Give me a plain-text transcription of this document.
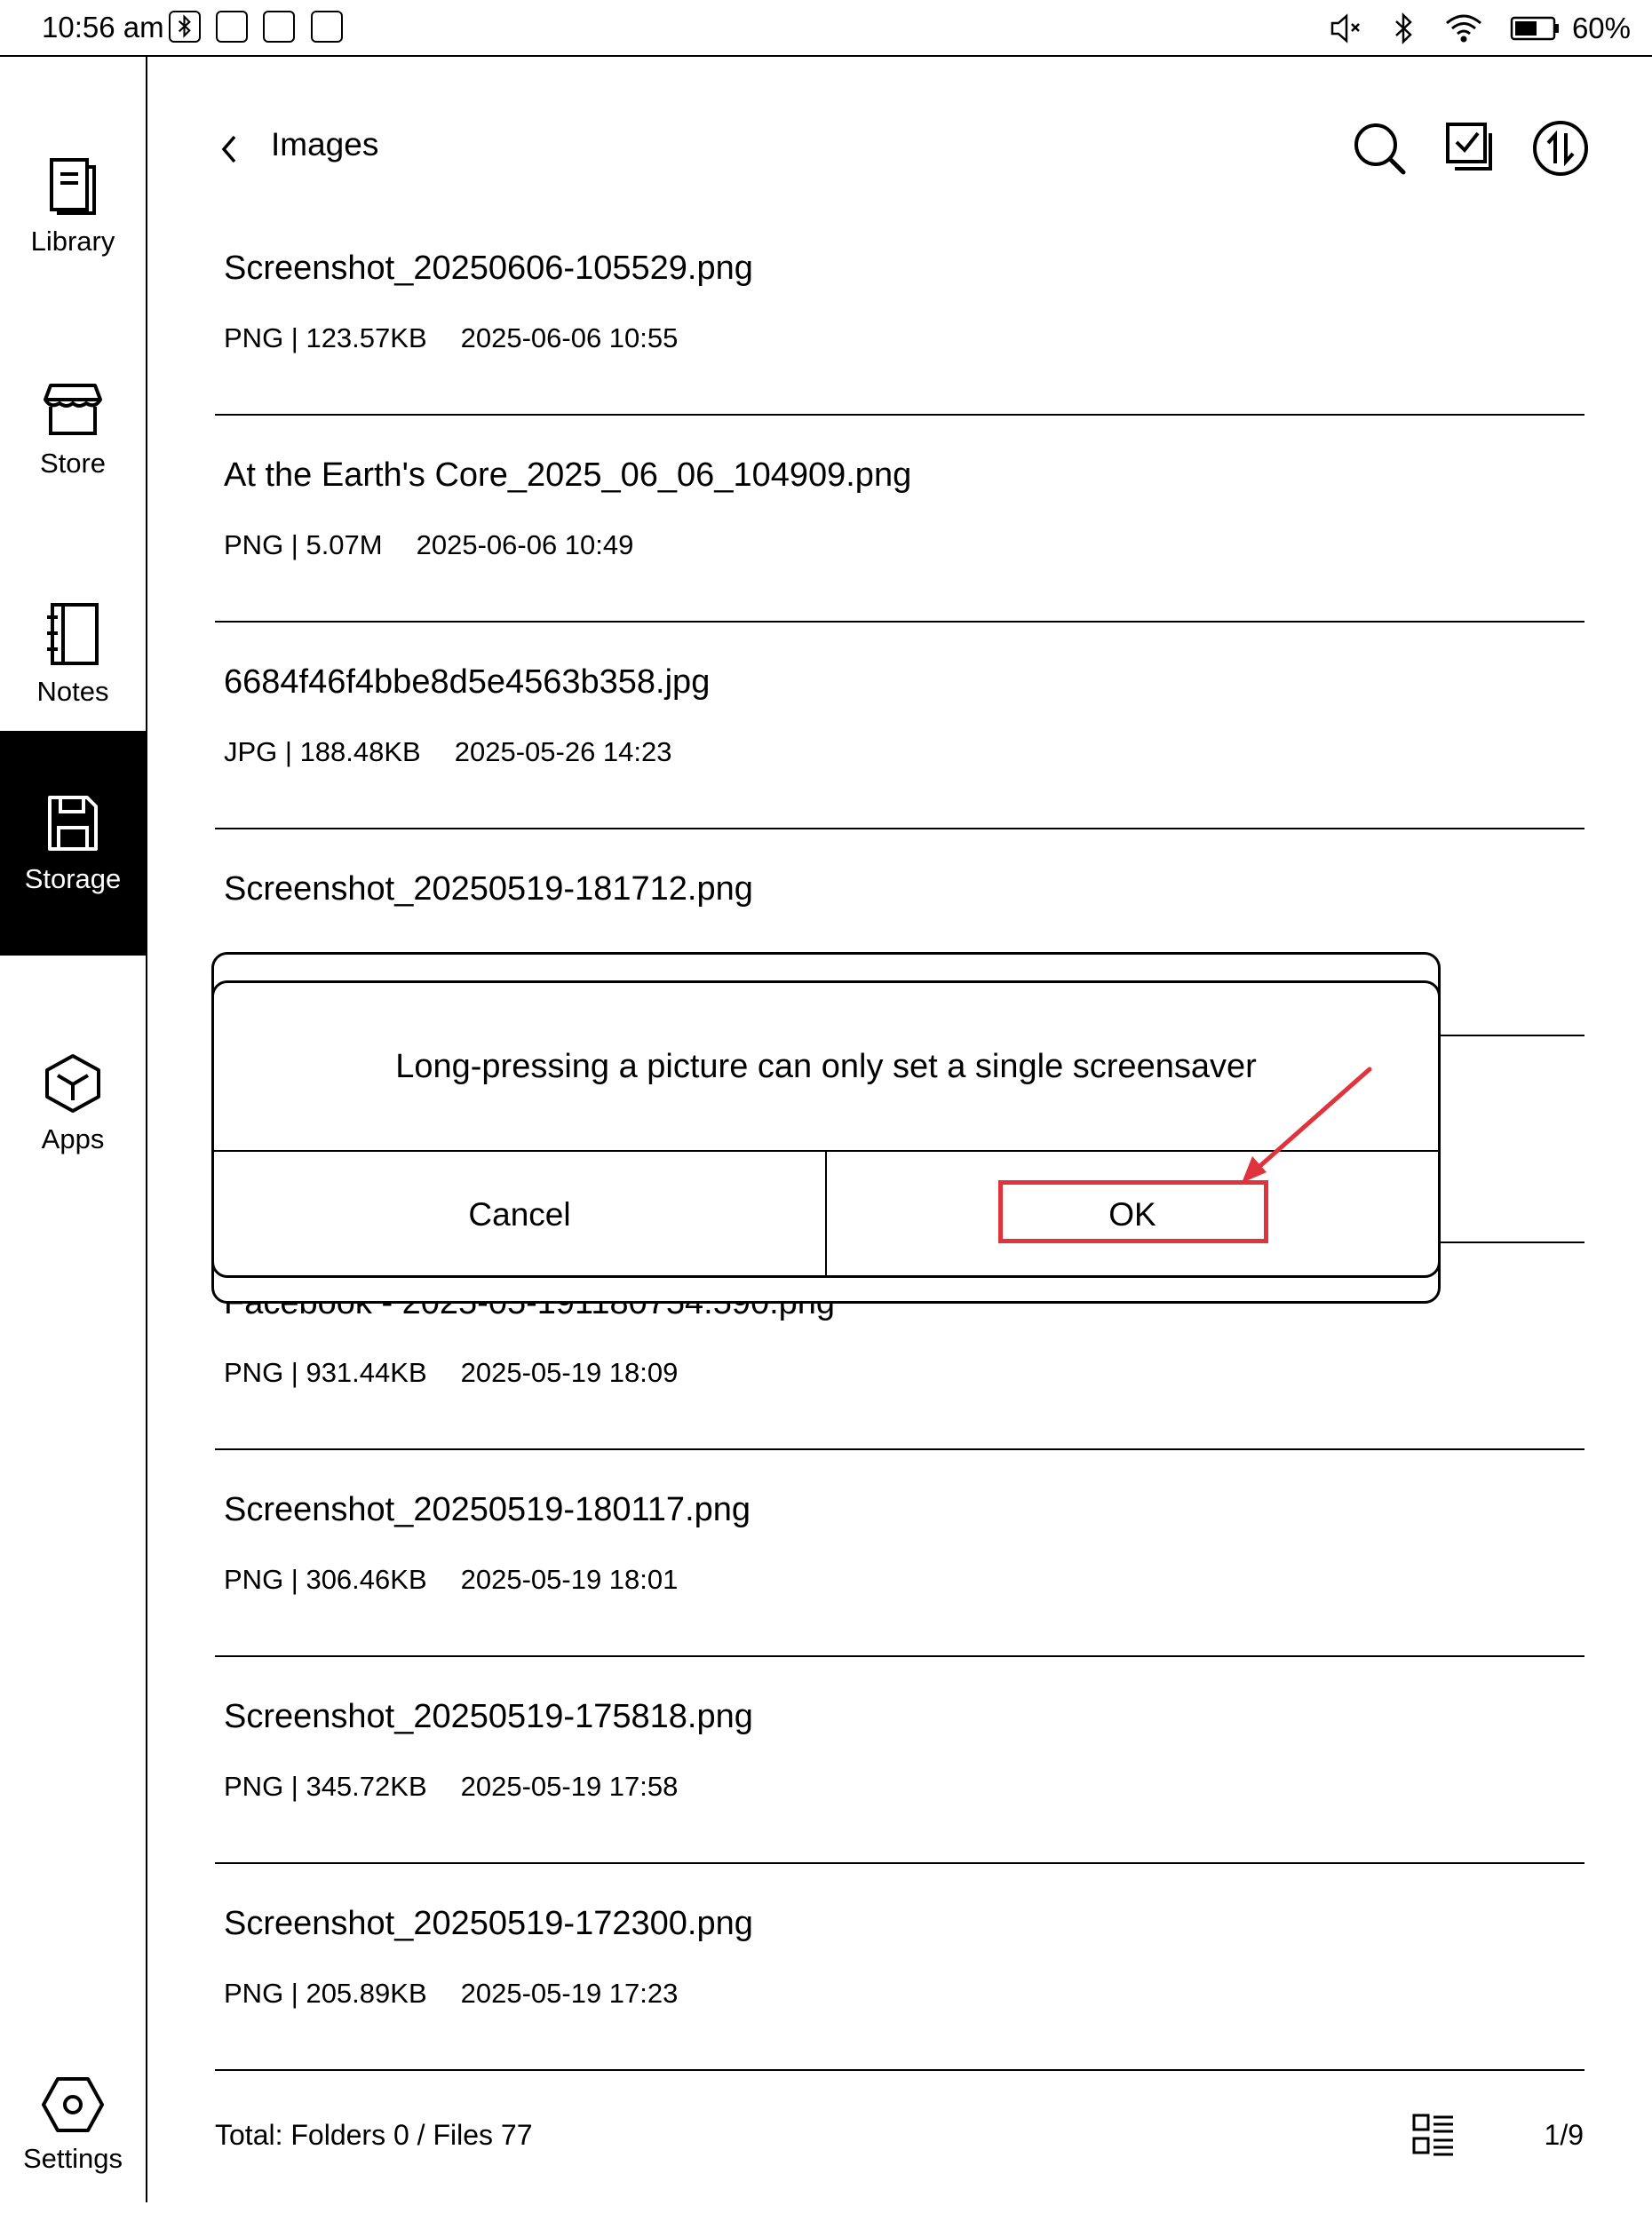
10:56 am	60%
Library
Store
Notes
Storage
Apps
Settings
Images
Screenshot_20250606-105529.png
PNG | 123.57KB 2025-06-06 10:55
At the Earth's Core_2025_06_06_104909.png
PNG | 5.07M 2025-06-06 10:49
6684f46f4bbe8d5e4563b358.jpg
JPG | 188.48KB 2025-05-26 14:23
Screenshot_20250519-181712.png
PNG | 931.44KB 2025-05-19 18:09
Screenshot_20250519-180117.png
PNG | 306.46KB 2025-05-19 18:01
Screenshot_20250519-175818.png
PNG | 345.72KB 2025-05-19 17:58
Screenshot_20250519-172300.png
PNG | 205.89KB 2025-05-19 17:23
Total: Folders 0 / Files 77	1/9
Long-pressing a picture can only set a single screensaver
Cancel	OK
